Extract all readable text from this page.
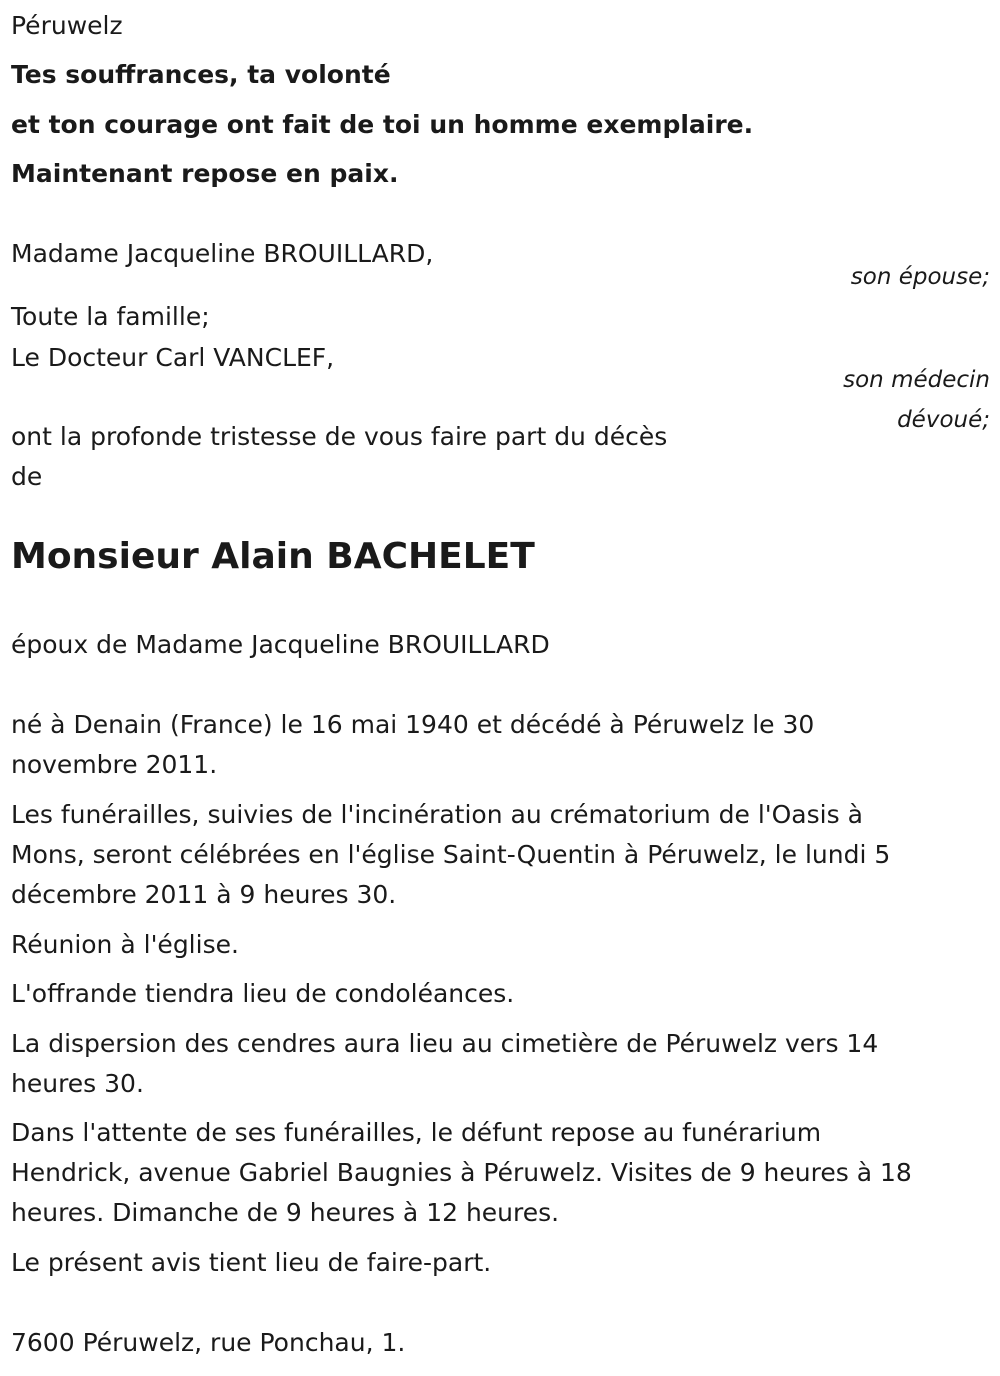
Péruwelz

Tes souffrances, ta volonté

et ton courage ont fait de toi un homme exemplaire.

Maintenant repose en paix.

Madame Jacqueline BROUILLARD,

son épouse;

Toute la famille;

Le Docteur Carl VANCLEF,

son médecin

dévoué;

ont la profonde tristesse de vous faire part du décès

de

Monsieur Alain BACHELET

époux de Madame Jacqueline BROUILLARD

né à Denain (France) le 16 mai 1940 et décédé à Péruwelz le 30

novembre 2011.

Les funérailles, suivies de l'incinération au crématorium de l'Oasis à

Mons, seront célébrées en l'église Saint-Quentin à Péruwelz, le lundi 5

décembre 2011 à 9 heures 30.

Réunion à l'église.

L'offrande tiendra lieu de condoléances.

La dispersion des cendres aura lieu au cimetière de Péruwelz vers 14

heures 30.

Dans l'attente de ses funérailles, le défunt repose au funérarium

Hendrick, avenue Gabriel Baugnies à Péruwelz. Visites de 9 heures à 18

heures. Dimanche de 9 heures à 12 heures.

Le présent avis tient lieu de faire-part.

7600 Péruwelz, rue Ponchau, 1.
